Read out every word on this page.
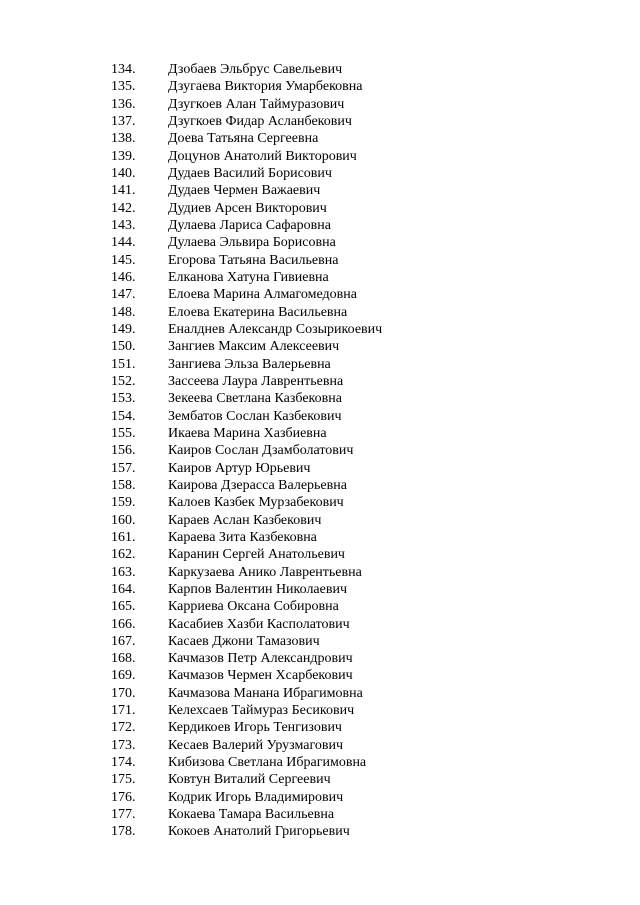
134. Дзобаев Эльбрус Савельевич
135. Дзугаева Виктория Умарбековна
136. Дзугкоев Алан Таймуразович
137. Дзугкоев Фидар Асланбекович
138. Доева Татьяна Сергеевна
139. Доцунов Анатолий Викторович
140. Дудаев Василий Борисович
141. Дудаев Чермен Важаевич
142. Дудиев Арсен Викторович
143. Дулаева Лариса Сафаровна
144. Дулаева Эльвира Борисовна
145. Егорова Татьяна Васильевна
146. Елканова Хатуна Гивиевна
147. Елоева Марина Алмагомедовна
148. Елоева Екатерина Васильевна
149. Еналднев Александр Созырикоевич
150. Зангиев Максим Алексеевич
151. Зангиева Эльза Валерьевна
152. Зассеева Лаура Лаврентьевна
153. Зекеева Светлана Казбековна
154. Зембатов Сослан Казбекович
155. Икаева Марина Хазбиевна
156. Каиров Сослан Дзамболатович
157. Каиров Артур Юрьевич
158. Каирова Дзерасса Валерьевна
159. Калоев Казбек Мурзабекович
160. Караев Аслан Казбекович
161. Караева Зита Казбековна
162. Каранин Сергей Анатольевич
163. Каркузаева Анико Лаврентьевна
164. Карпов Валентин Николаевич
165. Карриева Оксана Собировна
166. Касабиев Хазби Касполатович
167. Касаев Джони Тамазович
168. Качмазов Петр Александрович
169. Качмазов Чермен Хсарбекович
170. Качмазова Манана Ибрагимовна
171. Келехсаев Таймураз Бесикович
172. Кердикоев Игорь Тенгизович
173. Кесаев Валерий Урузмагович
174. Кибизова Светлана Ибрагимовна
175. Ковтун Виталий Сергеевич
176. Кодрик Игорь Владимирович
177. Кокаева Тамара Васильевна
178. Кокоев Анатолий Григорьевич
